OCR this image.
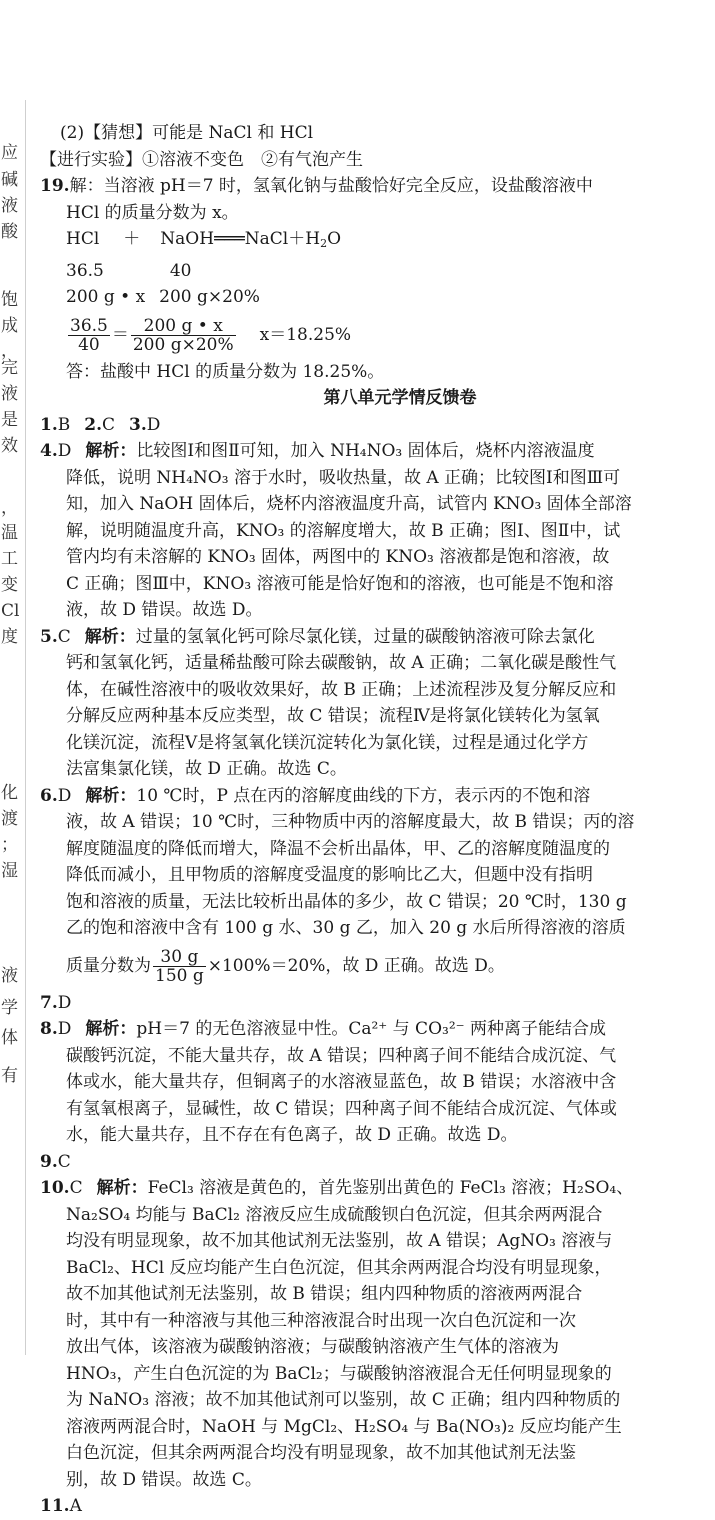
应
碱
液
酸
饱
成
，
完
液
是
效
，
温
工
变
Cl
度
化
渡
；
湿
液
学
体
有
(2)【猜想】可能是 NaCl 和 HCl
【进行实验】①溶液不变色　②有气泡产生
19.解：当溶液 pH＝7 时，氢氧化钠与盐酸恰好完全反应，设盐酸溶液中
HCl 的质量分数为 x。
HCl ＋ $NaOH═══NaCl+H_2O$
36.5	40
200 g • x 200 g×20%
$\frac{36.5}{40} = \frac{200 g • x}{200 g\times 20\%} x=18.25\%$
答：盐酸中 HCl 的质量分数为 18.25%。
第八单元学情反馈卷
1.B 2.C 3.D
4.D 解析：比较图Ⅰ和图Ⅱ可知，加入 NH₄NO₃ 固体后，烧杯内溶液温度
降低，说明 NH₄NO₃ 溶于水时，吸收热量，故 A 正确；比较图Ⅰ和图Ⅲ可
知，加入 NaOH 固体后，烧杯内溶液温度升高，试管内 KNO₃ 固体全部溶
解，说明随温度升高，KNO₃ 的溶解度增大，故 B 正确；图Ⅰ、图Ⅱ中，试
管内均有未溶解的 KNO₃ 固体，两图中的 KNO₃ 溶液都是饱和溶液，故
C 正确；图Ⅲ中，KNO₃ 溶液可能是恰好饱和的溶液，也可能是不饱和溶
液，故 D 错误。故选 D。
5.C 解析：过量的氢氧化钙可除尽氯化镁，过量的碳酸钠溶液可除去氯化
钙和氢氧化钙，适量稀盐酸可除去碳酸钠，故 A 正确；二氧化碳是酸性气
体，在碱性溶液中的吸收效果好，故 B 正确；上述流程涉及复分解反应和
分解反应两种基本反应类型，故 C 错误；流程Ⅳ是将氯化镁转化为氢氧
化镁沉淀，流程Ⅴ是将氢氧化镁沉淀转化为氯化镁，过程是通过化学方
法富集氯化镁，故 D 正确。故选 C。
6.D 解析：10 ℃时，P 点在丙的溶解度曲线的下方，表示丙的不饱和溶
液，故 A 错误；10 ℃时，三种物质中丙的溶解度最大，故 B 错误；丙的溶
解度随温度的降低而增大，降温不会析出晶体，甲、乙的溶解度随温度的
降低而减小，且甲物质的溶解度受温度的影响比乙大，但题中没有指明
饱和溶液的质量，无法比较析出晶体的多少，故 C 错误；20 ℃时，130 g
乙的饱和溶液中含有 100 g 水、30 g 乙，加入 20 g 水后所得溶液的溶质
质量分数为 $\frac{30 g}{150 g} \times 100\%=20\%$，故 D 正确。故选 D。
7.D
8.D 解析：pH＝7 的无色溶液显中性。Ca²⁺ 与 CO₃²⁻ 两种离子能结合成
碳酸钙沉淀，不能大量共存，故 A 错误；四种离子间不能结合成沉淀、气
体或水，能大量共存，但铜离子的水溶液显蓝色，故 B 错误；水溶液中含
有氢氧根离子，显碱性，故 C 错误；四种离子间不能结合成沉淀、气体或
水，能大量共存，且不存在有色离子，故 D 正确。故选 D。
9.C
10.C 解析：FeCl₃ 溶液是黄色的，首先鉴别出黄色的 FeCl₃ 溶液；H₂SO₄、
Na₂SO₄ 均能与 BaCl₂ 溶液反应生成硫酸钡白色沉淀，但其余两两混合
均没有明显现象，故不加其他试剂无法鉴别，故 A 错误；AgNO₃ 溶液与
BaCl₂、HCl 反应均能产生白色沉淀，但其余两两混合均没有明显现象，
故不加其他试剂无法鉴别，故 B 错误；组内四种物质的溶液两两混合
时，其中有一种溶液与其他三种溶液混合时出现一次白色沉淀和一次
放出气体，该溶液为碳酸钠溶液；与碳酸钠溶液产生气体的溶液为
HNO₃，产生白色沉淀的为 BaCl₂；与碳酸钠溶液混合无任何明显现象的
为 NaNO₃ 溶液；故不加其他试剂可以鉴别，故 C 正确；组内四种物质的
溶液两两混合时，NaOH 与 MgCl₂、H₂SO₄ 与 Ba(NO₃)₂ 反应均能产生
白色沉淀，但其余两两混合均没有明显现象，故不加其他试剂无法鉴
别，故 D 错误。故选 C。
11.A
